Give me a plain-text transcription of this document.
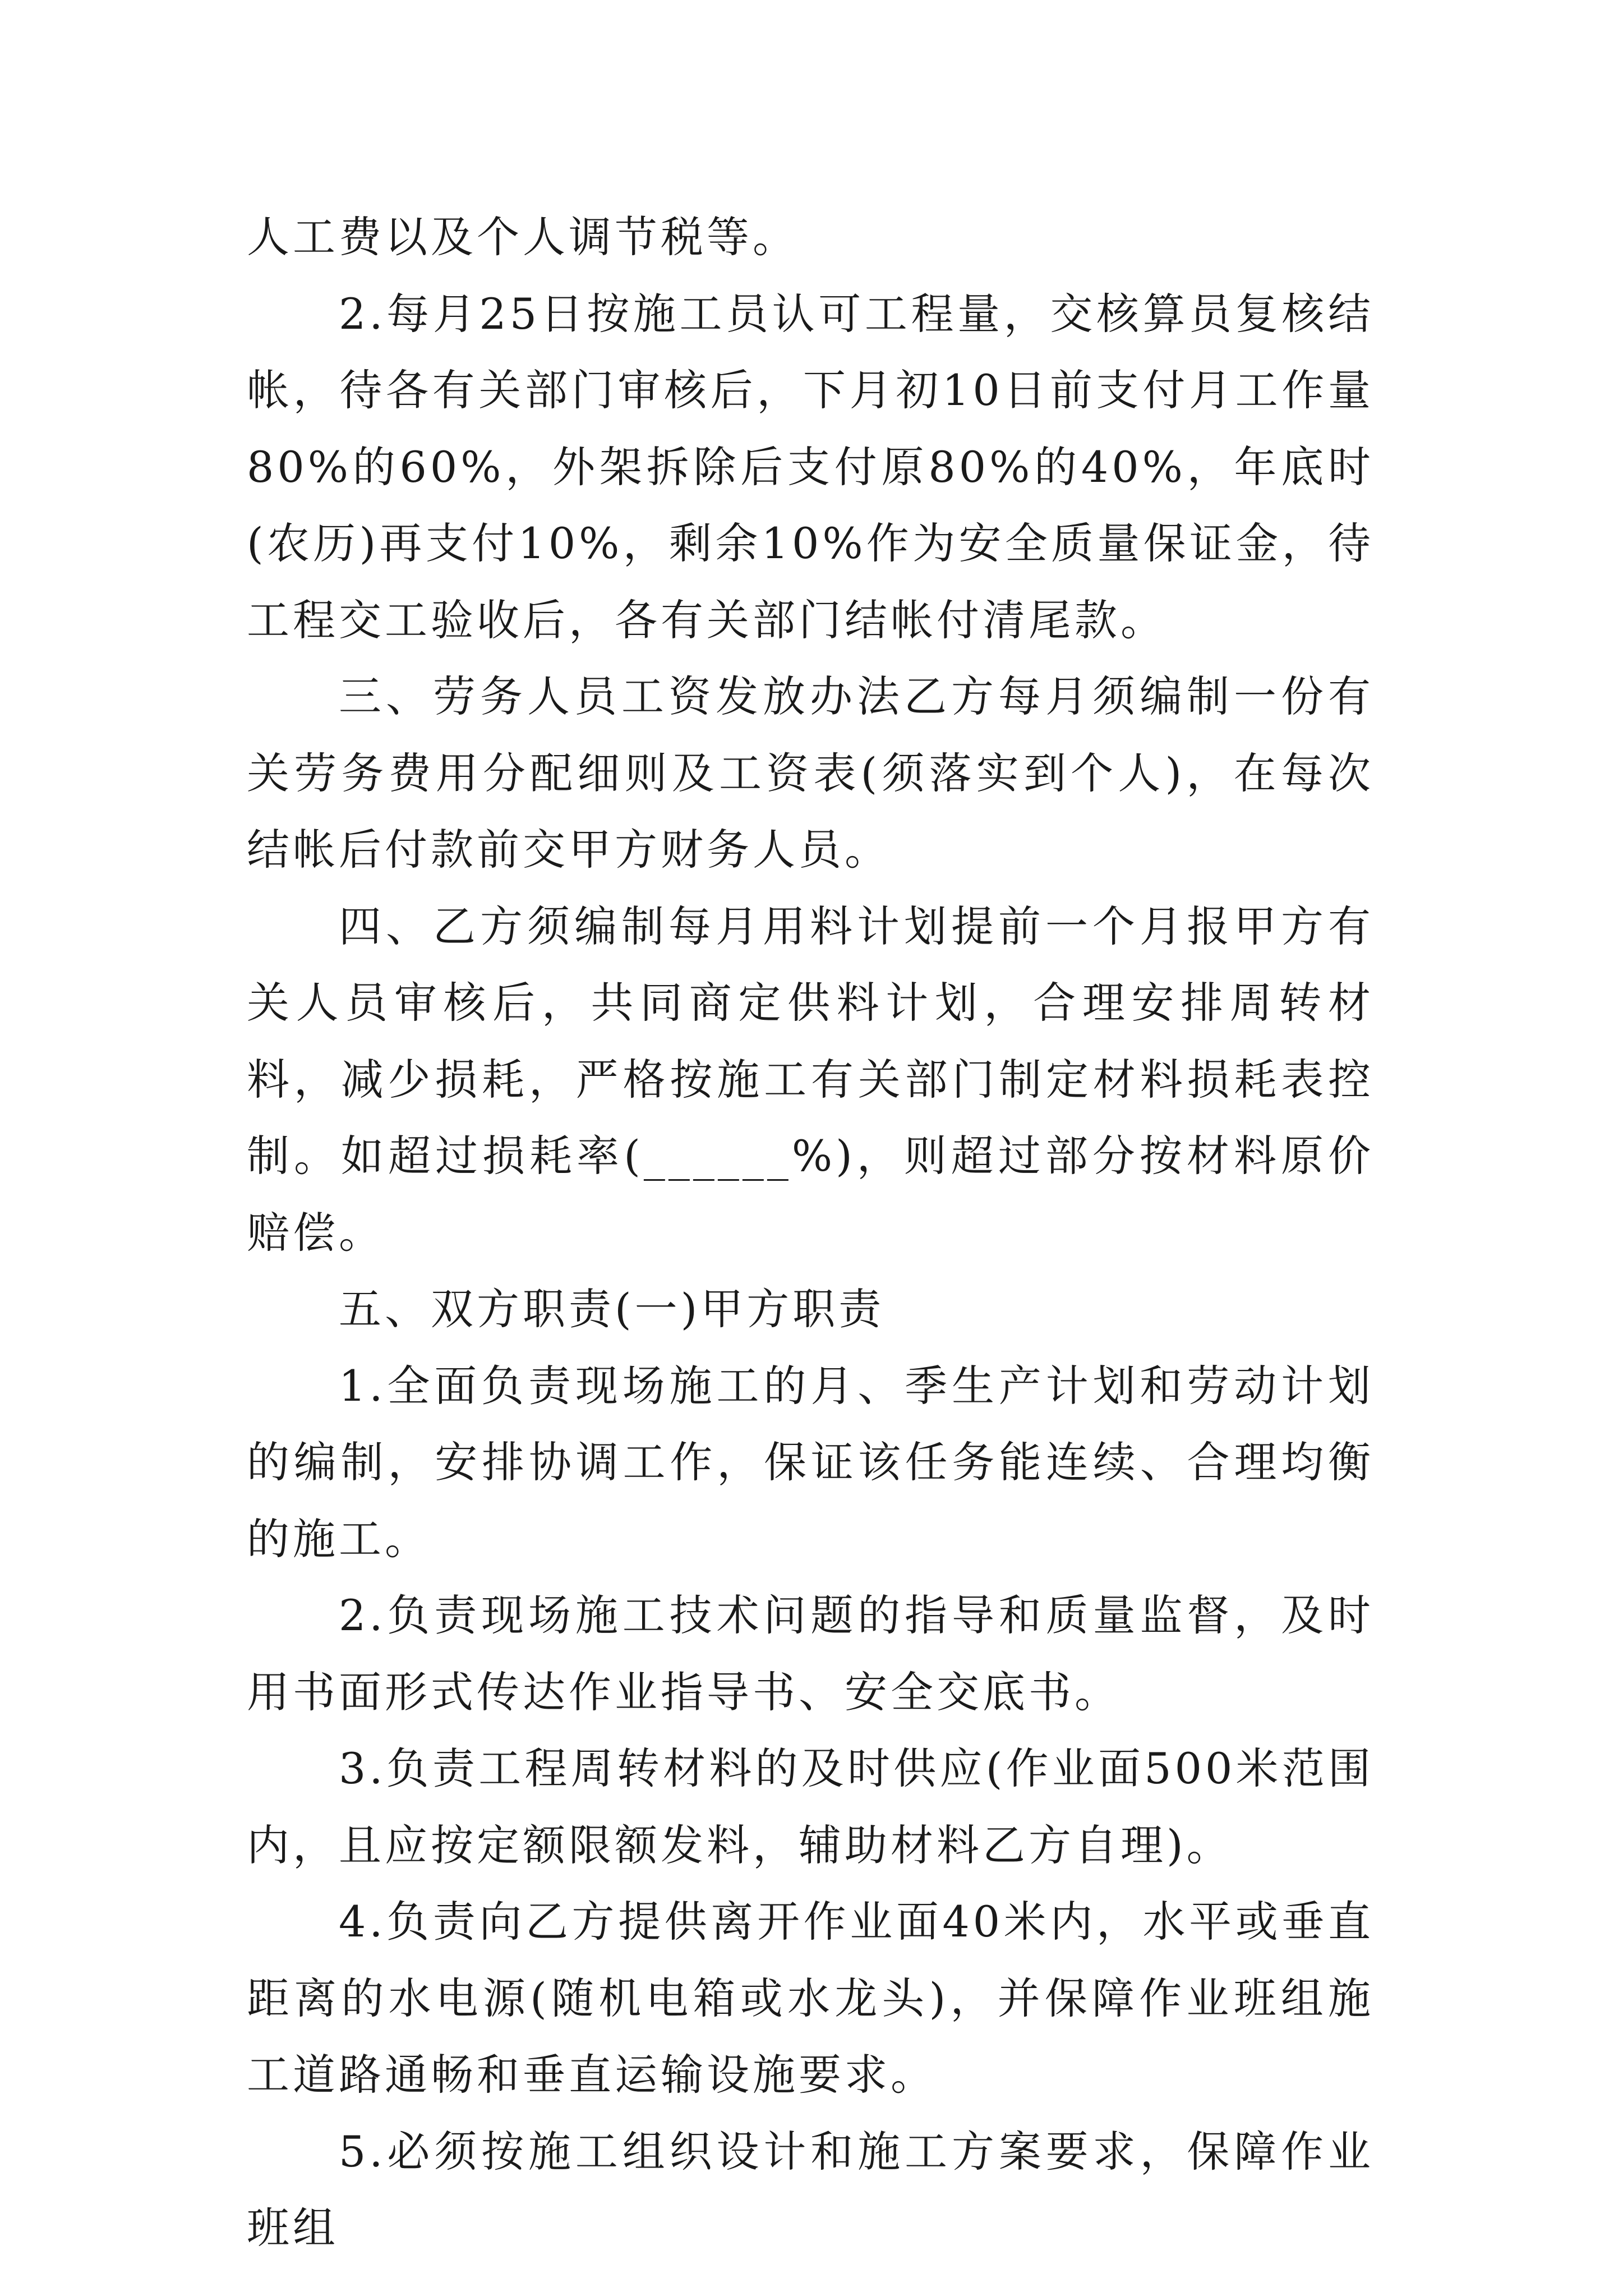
人工费以及个人调节税等。

2.每月25日按施工员认可工程量，交核算员复核结帐，待各有关部门审核后，下月初10日前支付月工作量80%的60%，外架拆除后支付原80%的40%，年底时(农历)再支付10%，剩余10%作为安全质量保证金，待工程交工验收后，各有关部门结帐付清尾款。

三、劳务人员工资发放办法乙方每月须编制一份有关劳务费用分配细则及工资表(须落实到个人)，在每次结帐后付款前交甲方财务人员。

四、乙方须编制每月用料计划提前一个月报甲方有关人员审核后，共同商定供料计划，合理安排周转材料，减少损耗，严格按施工有关部门制定材料损耗表控制。如超过损耗率(______%)，则超过部分按材料原价赔偿。

五、双方职责(一)甲方职责

1.全面负责现场施工的月、季生产计划和劳动计划的编制，安排协调工作，保证该任务能连续、合理均衡的施工。

2.负责现场施工技术问题的指导和质量监督，及时用书面形式传达作业指导书、安全交底书。

3.负责工程周转材料的及时供应(作业面500米范围内，且应按定额限额发料，辅助材料乙方自理)。

4.负责向乙方提供离开作业面40米内，水平或垂直距离的水电源(随机电箱或水龙头)，并保障作业班组施工道路通畅和垂直运输设施要求。

5.必须按施工组织设计和施工方案要求，保障作业班组
